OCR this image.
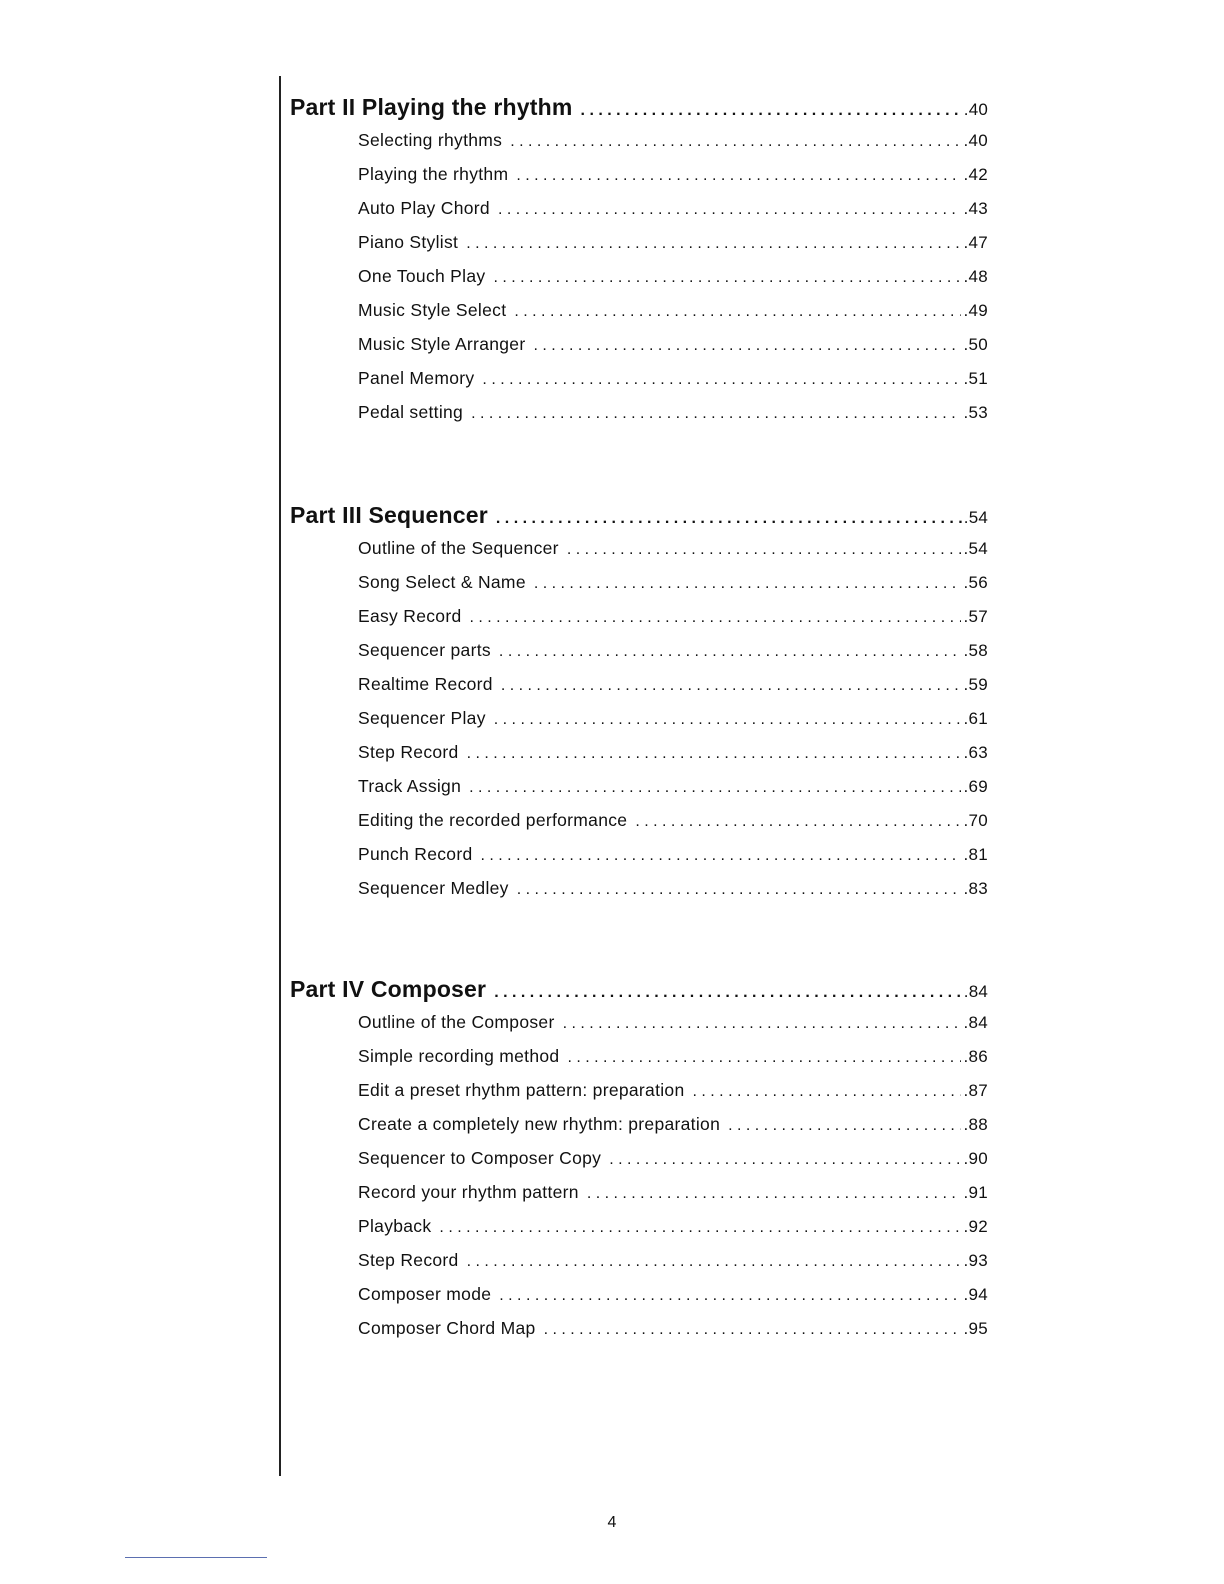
Part II Playing the rhythm . . .	.40
Selecting rhythms . . .	.40
Playing the rhythm . . .	.42
Auto Play Chord . . .	.43
Piano Stylist . . .	.47
One Touch Play . . .	.48
Music Style Select . . .	.49
Music Style Arranger . . .	.50
Panel Memory . . .	.51
Pedal setting . . .	.53
Part III Sequencer . . .	.54
Outline of the Sequencer . . .	.54
Song Select & Name . . .	.56
Easy Record . . .	.57
Sequencer parts . . .	.58
Realtime Record . . .	.59
Sequencer Play . . .	.61
Step Record . . .	.63
Track Assign . . .	.69
Editing the recorded performance . . .	.70
Punch Record . . .	.81
Sequencer Medley . . .	.83
Part IV Composer . . .	.84
Outline of the Composer . . .	.84
Simple recording method . . .	.86
Edit a preset rhythm pattern: preparation . . .	.87
Create a completely new rhythm: preparation . . .	.88
Sequencer to Composer Copy . . .	.90
Record your rhythm pattern . . .	.91
Playback . . .	.92
Step Record . . .	.93
Composer mode . . .	.94
Composer Chord Map . . .	.95
4
